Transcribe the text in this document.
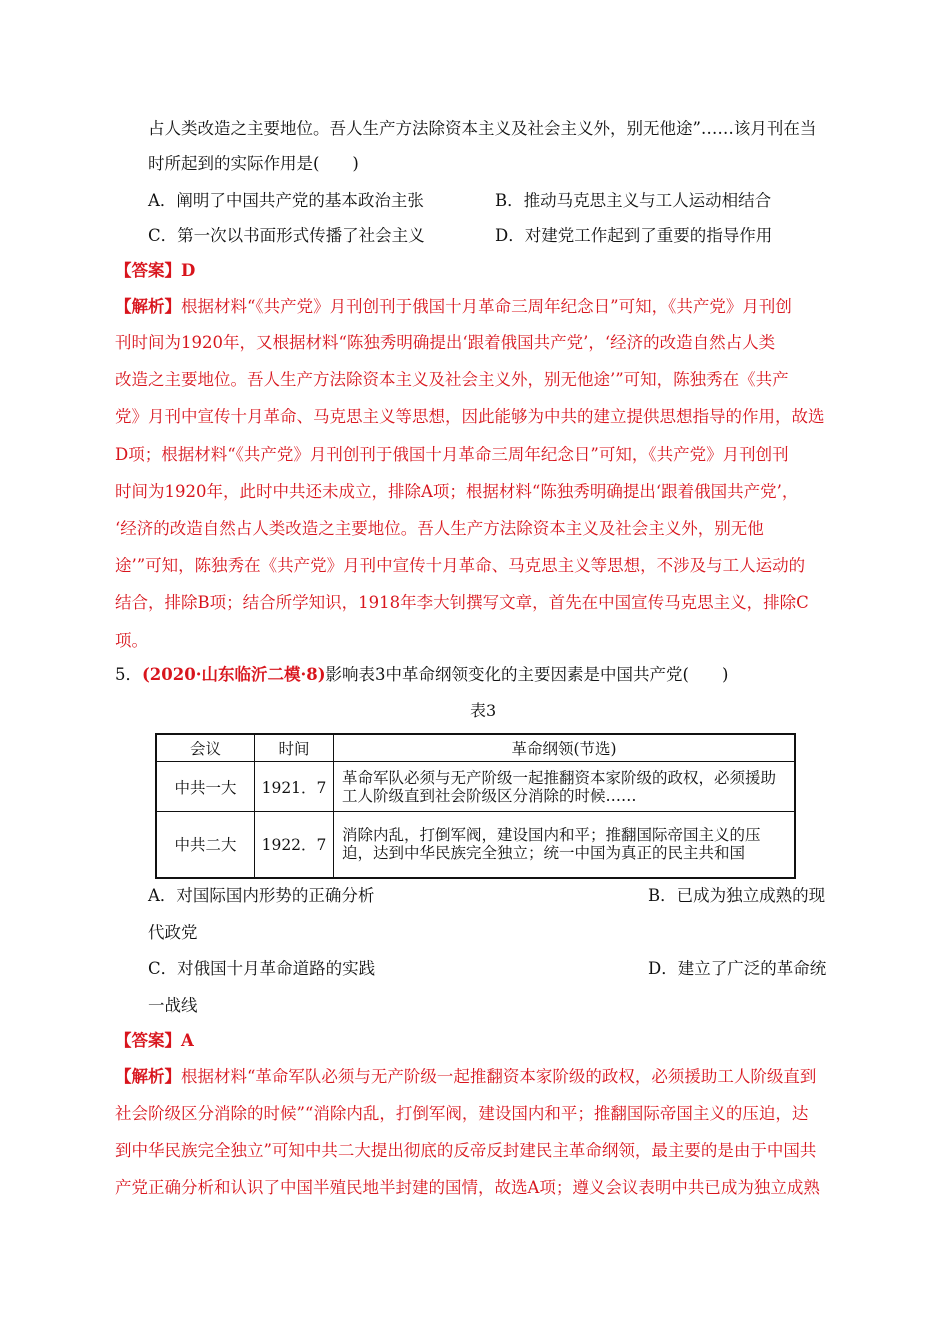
占人类改造之主要地位。吾人生产方法除资本主义及社会主义外，别无他途”……该月刊在当
时所起到的实际作用是(　　)
A．阐明了中国共产党的基本政治主张	B．推动马克思主义与工人运动相结合
C．第一次以书面形式传播了社会主义	D．对建党工作起到了重要的指导作用
【答案】D
【解析】根据材料“《共产党》月刊创刊于俄国十月革命三周年纪念日”可知，《共产党》月刊创
刊时间为1920年，又根据材料“陈独秀明确提出‘跟着俄国共产党’，‘经济的改造自然占人类
改造之主要地位。吾人生产方法除资本主义及社会主义外，别无他途’”可知，陈独秀在《共产
党》月刊中宣传十月革命、马克思主义等思想，因此能够为中共的建立提供思想指导的作用，故选
D项；根据材料“《共产党》月刊创刊于俄国十月革命三周年纪念日”可知，《共产党》月刊创刊
时间为1920年，此时中共还未成立，排除A项；根据材料“陈独秀明确提出‘跟着俄国共产党’，
‘经济的改造自然占人类改造之主要地位。吾人生产方法除资本主义及社会主义外，别无他
途’”可知，陈独秀在《共产党》月刊中宣传十月革命、马克思主义等思想，不涉及与工人运动的
结合，排除B项；结合所学知识，1918年李大钊撰写文章，首先在中国宣传马克思主义，排除C
项。
5．(2020·山东临沂二模·8)影响表3中革命纲领变化的主要因素是中国共产党(　　)
表3
会议	时间	革命纲领(节选)
中共一大	1921．7	革命军队必须与无产阶级一起推翻资本家阶级的政权，必须援助工人阶级直到社会阶级区分消除的时候……
中共二大	1922．7	消除内乱，打倒军阀，建设国内和平；推翻国际帝国主义的压迫，达到中华民族完全独立；统一中国为真正的民主共和国
A．对国际国内形势的正确分析	B．已成为独立成熟的现
代政党
C．对俄国十月革命道路的实践	D．建立了广泛的革命统
一战线
【答案】A
【解析】根据材料“革命军队必须与无产阶级一起推翻资本家阶级的政权，必须援助工人阶级直到
社会阶级区分消除的时候”“消除内乱，打倒军阀，建设国内和平；推翻国际帝国主义的压迫，达
到中华民族完全独立”可知中共二大提出彻底的反帝反封建民主革命纲领，最主要的是由于中国共
产党正确分析和认识了中国半殖民地半封建的国情，故选A项；遵义会议表明中共已成为独立成熟
